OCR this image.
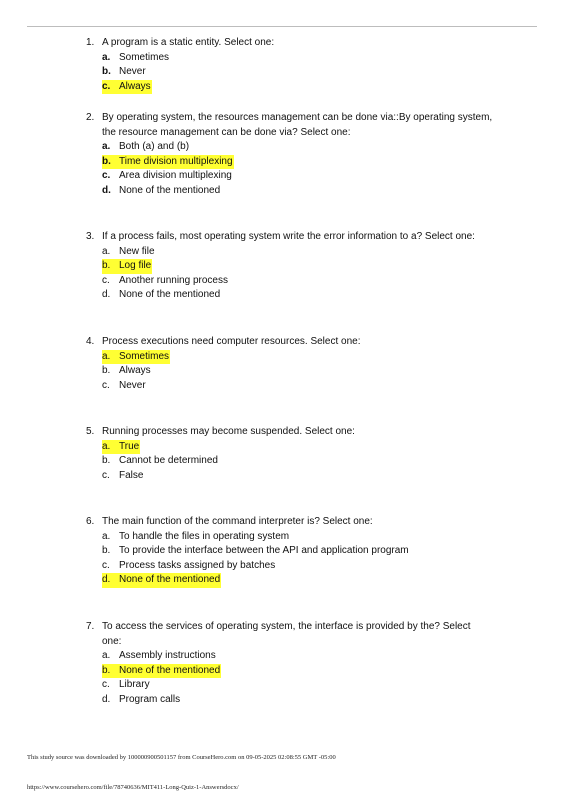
1. A program is a static entity. Select one:
a. Sometimes
b. Never
c. Always
2. By operating system, the resources management can be done via::By operating system, the resource management can be done via? Select one:
a. Both (a) and (b)
b. Time division multiplexing
c. Area division multiplexing
d. None of the mentioned
3. If a process fails, most operating system write the error information to a? Select one:
a. New file
b. Log file
c. Another running process
d. None of the mentioned
4. Process executions need computer resources. Select one:
a. Sometimes
b. Always
c. Never
5. Running processes may become suspended. Select one:
a. True
b. Cannot be determined
c. False
6. The main function of the command interpreter is? Select one:
a. To handle the files in operating system
b. To provide the interface between the API and application program
c. Process tasks assigned by batches
d. None of the mentioned
7. To access the services of operating system, the interface is provided by the? Select one:
a. Assembly instructions
b. None of the mentioned
c. Library
d. Program calls
This study source was downloaded by 100000900501157 from CourseHero.com on 09-05-2025 02:08:55 GMT -05:00
https://www.coursehero.com/file/78740636/MIT411-Long-Quiz-1-Answersdocx/
